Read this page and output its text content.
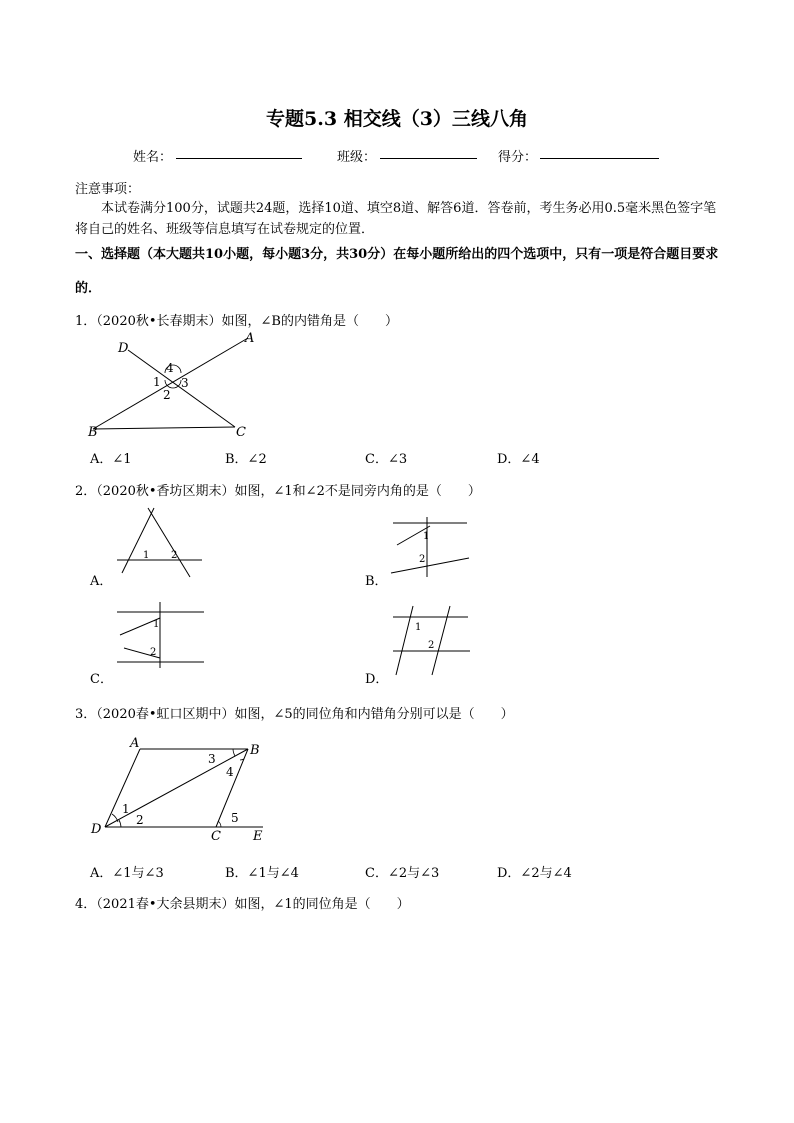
专题5.3 相交线（3）三线八角
姓名：	班级：	得分：
注意事项：
本试卷满分100分，试题共24题，选择10道、填空8道、解答6道．答卷前，考生务必用0.5毫米黑色签字笔将自己的姓名、班级等信息填写在试卷规定的位置．
一、选择题（本大题共10小题，每小题3分，共30分）在每小题所给出的四个选项中，只有一项是符合题目要求的．
1．（2020秋•长春期末）如图，∠B的内错角是（　　）
D
A
B	C
4
1 3
2
A．∠1	B．∠2	C．∠3	D．∠4
2．（2020秋•香坊区期末）如图，∠1和∠2不是同旁内角的是（　　）
1 2
A．
1
2
B．
1
2
C．
1
2
D．
3．（2020春•虹口区期中）如图，∠5的同位角和内错角分别可以是（　　）
A	B
D	C E
1
2
3
4
5
A．∠1与∠3	B．∠1与∠4	C．∠2与∠3	D．∠2与∠4
4．（2021春•大余县期末）如图，∠1的同位角是（　　）
